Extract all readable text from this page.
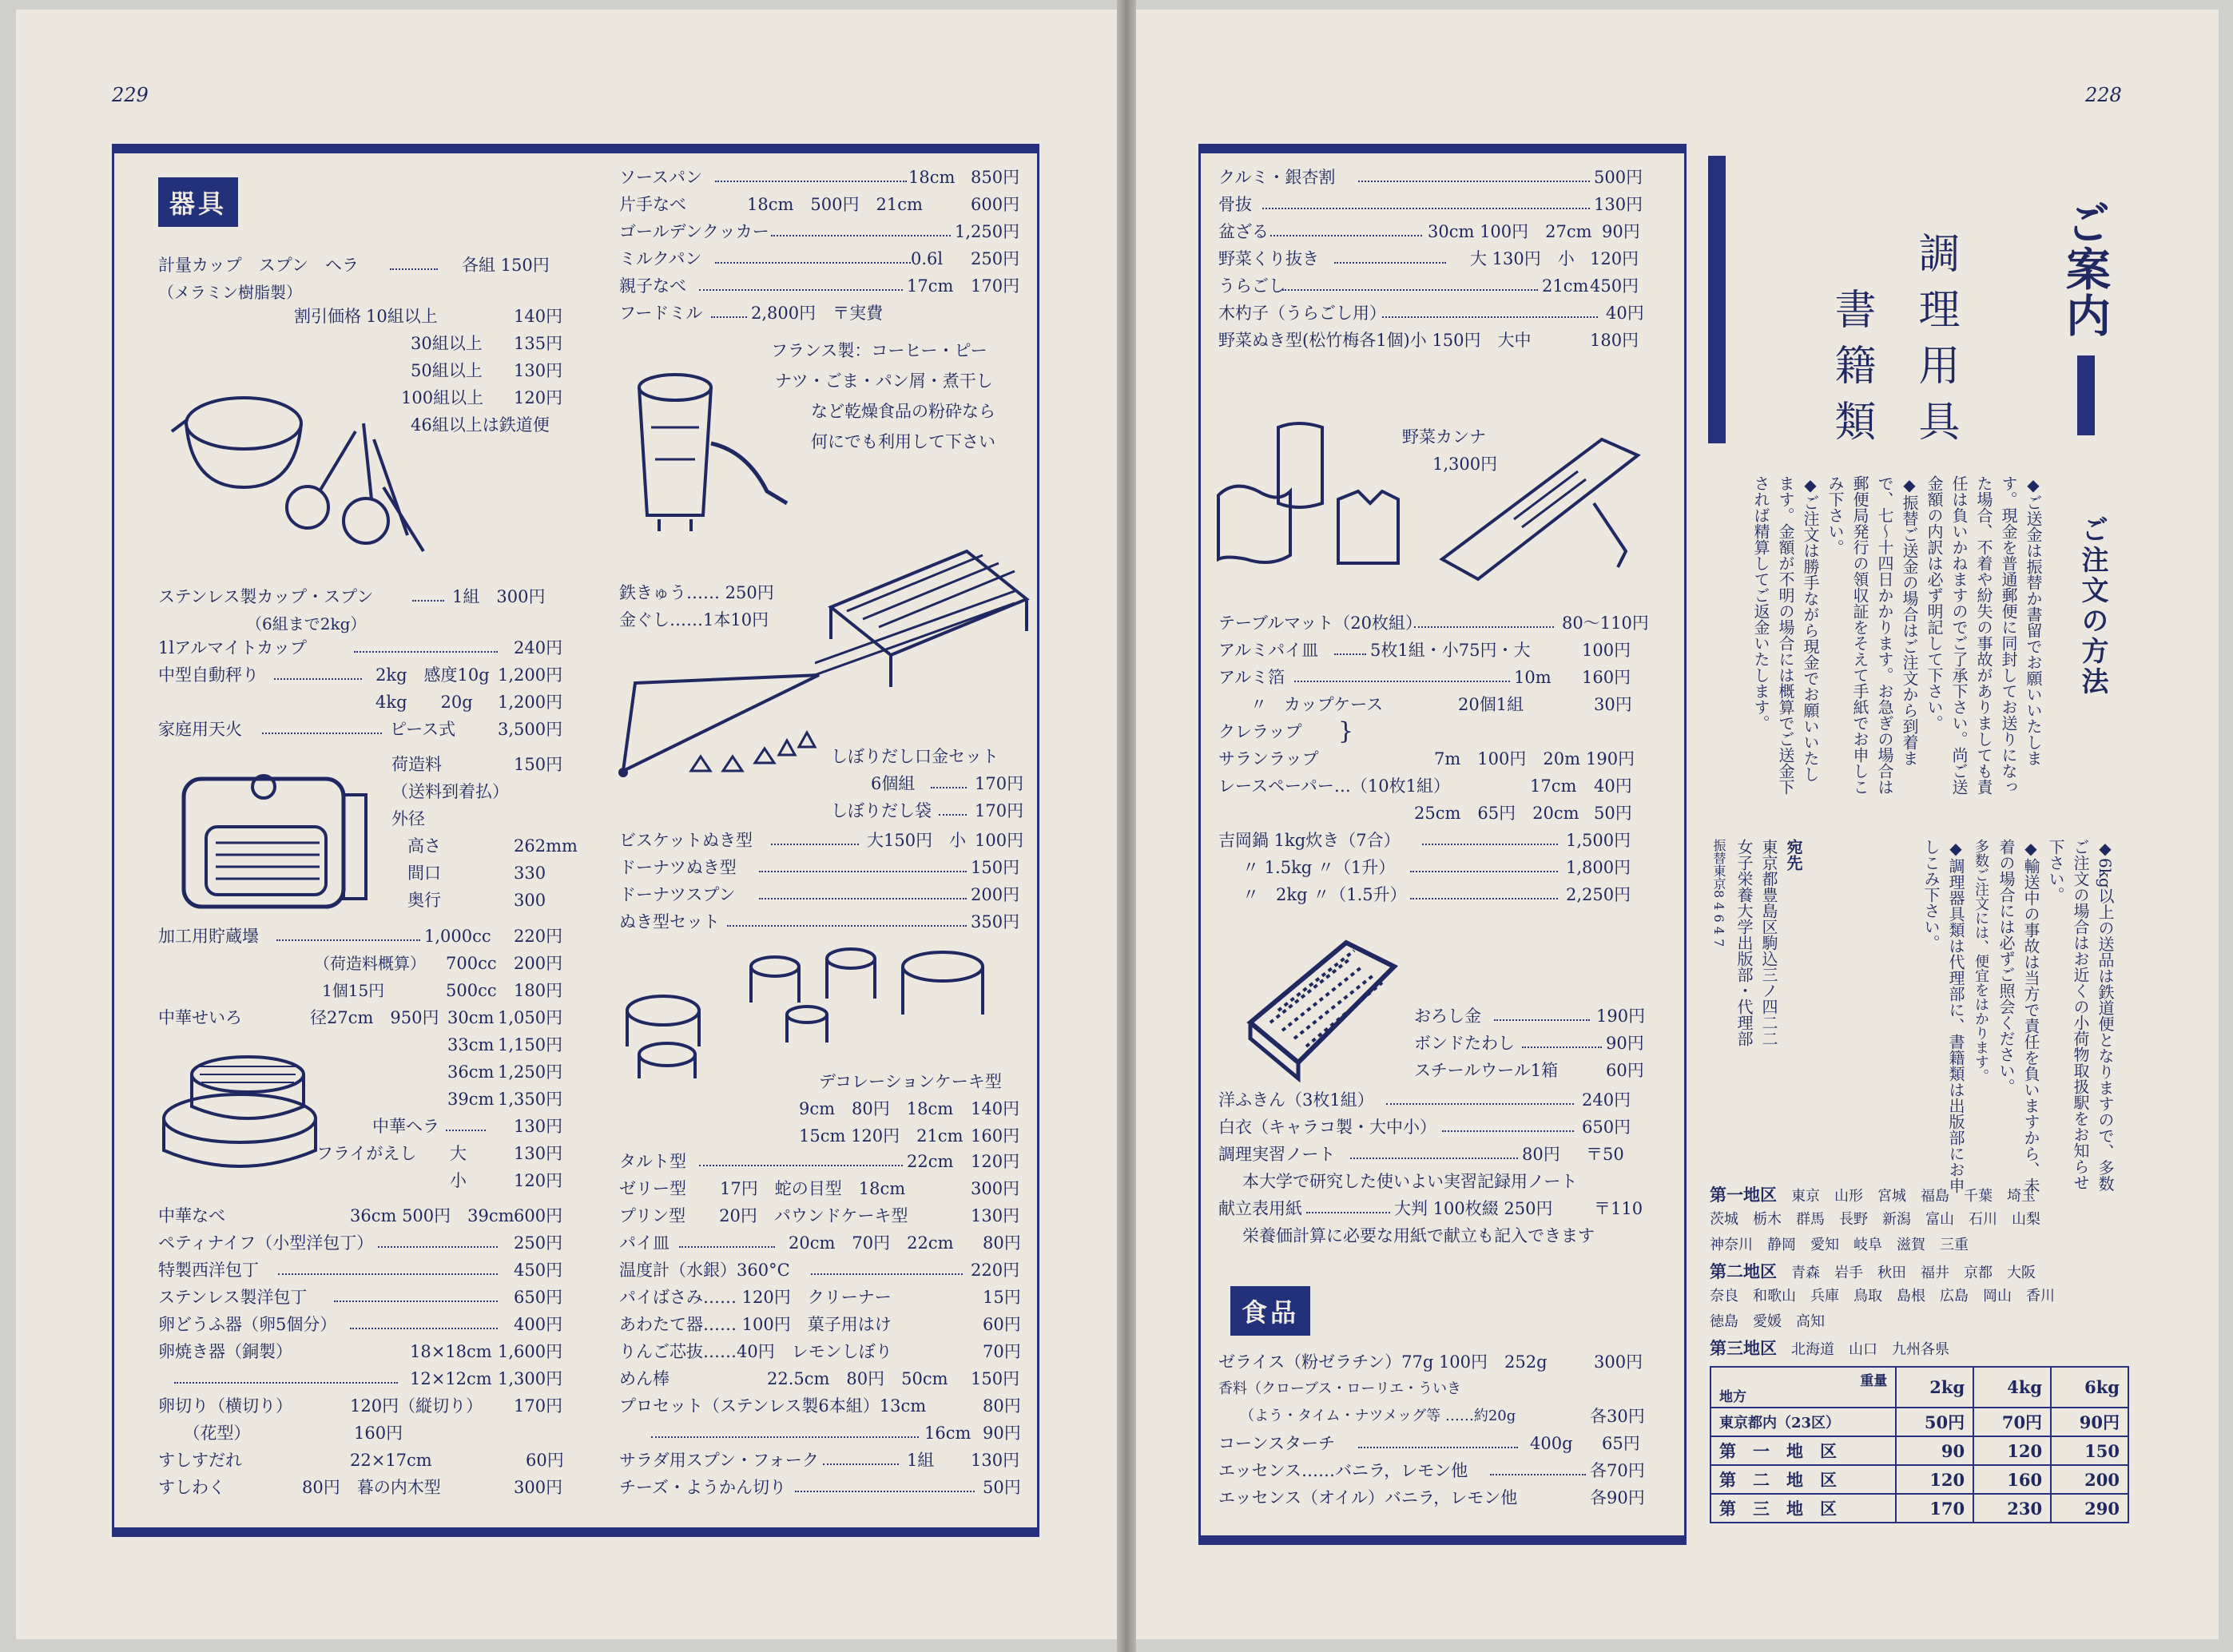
229	228
器具
計量カップ　スプン　ヘラ	各組 150円
（メラミン樹脂製）
割引価格 10組以上	140円
30組以上 135円
50組以上 130円
100組以上 120円
46組以上は鉄道便
ステンレス製カップ・スプン	1組　300円
（6組まで2kg）
1lアルマイトカップ	240円
中型自動秤り	2kg　感度10g 1,200円
4kg　　20g 1,200円
家庭用天火	ピース式	3,500円
荷造料	150円
（送料到着払）
外径
高さ	262mm
間口	330
奥行	300
加工用貯蔵壜	1,000cc 220円
（荷造料概算） 700cc 200円
1個15円	500cc 180円
中華せいろ	径27cm　950円 30cm 1,050円
33cm 1,150円
36cm 1,250円
39cm 1,350円
中華ヘラ	130円
フライがえし 大	130円
小	120円
中華なべ	36cm 500円　39cm 600円
ペティナイフ（小型洋包丁）	250円
特製西洋包丁	450円
ステンレス製洋包丁	650円
卵どうふ器（卵5個分）	400円
卵焼き器（銅製）	18×18cm 1,600円
12×12cm 1,300円
卵切り（横切り）	120円（縦切り） 170円
　　（花型）	160円
すしすだれ	22×17cm	60円
すしわく	80円　暮の内木型	300円
ソースパン	18cm 850円
片手なべ	18cm　500円　21cm	600円
ゴールデンクッカー	1,250円
ミルクパン	0.6l 250円
親子なべ	17cm 170円
フードミル	2,800円　〒実費
フランス製：コーヒー・ピー
ナツ・ごま・パン屑・煮干し
など乾燥食品の粉砕なら
何にでも利用して下さい
鉄きゅう…… 250円
金ぐし……1本10円
しぼりだし口金セット
6個組	170円
しぼりだし袋	170円
ビスケットぬき型	大150円　小 100円
ドーナツぬき型	150円
ドーナツスプン	200円
ぬき型セット	350円
デコレーションケーキ型
9cm　80円　18cm 140円
15cm 120円　21cm 160円
タルト型	22cm 120円
ゼリー型　　17円　蛇の目型　18cm	300円
プリン型　　20円　パウンドケーキ型	130円
パイ皿	20cm　70円　22cm 80円
温度計（水銀）360°C	220円
パイばさみ…… 120円　クリーナー	15円
あわたて器…… 100円　菓子用はけ	60円
りんご芯抜……40円　レモンしぼり	70円
めん棒	22.5cm　80円　50cm 150円
プロセット（ステンレス製6本組）13cm	80円
16cm 90円
サラダ用スプン・フォーク	1組 130円
チーズ・ようかん切り	50円
クルミ・銀杏割	500円
骨抜	130円
盆ざる	30cm 100円　27cm 90円
野菜くり抜き	大 130円　小 120円
うらごし	21cm 450円
木杓子（うらごし用）	40円
野菜ぬき型(松竹梅各1個)小 150円　大中	180円
野菜カンナ
1,300円
テーブルマット（20枚組）	80〜110円
アルミパイ皿	5枚1組・小75円・大	100円
アルミ箔	10m 160円
〃　カップケース	20個1組	30円
クレラップ }
サランラップ	7m　100円　20m 190円
レースペーパー…（10枚1組）	17cm 40円
25cm　65円　20cm 50円
吉岡鍋 1kg炊き（7合）	1,500円
〃 1.5kg 〃（1升）	1,800円
〃　2kg 〃（1.5升）	2,250円
おろし金	190円
ボンドたわし	90円
スチールウール1箱	60円
洋ふきん（3枚1組）	240円
白衣（キャラコ製・大中小）	650円
調理実習ノート	80円 〒50
本大学で研究した使いよい実習記録用ノート
献立表用紙	大判 100枚綴 250円 〒110
栄養価計算に必要な用紙で献立も記入できます
食品
ゼライス（粉ゼラチン）77g 100円　252g	300円
香料（クローブス・ローリエ・ういき
　　（よう・タイム・ナツメッグ等 ……約20g	各30円
コーンスターチ	400g 65円
エッセンス……バニラ，レモン他	各70円
エッセンス（オイル）バニラ，レモン他	各90円
ご案内
調理用具
書籍類
ご注文の方法
◆ご送金は振替か書留でお願いいたします。現金を普通郵便に同封してお送りになった場合、不着や紛失の事故がありましても責任は負いかねますのでご了承下さい。尚ご送金額の内訳は必ず明記して下さい。
◆振替ご送金の場合はご注文から到着まで、七〜十四日かかります。お急ぎの場合は郵便局発行の領収証をそえて手紙でお申しこみ下さい。
◆ご注文は勝手ながら現金でお願いいたします。金額が不明の場合には概算でご送金下されば精算してご返金いたします。
◆6kg以上の送品は鉄道便となりますので、多数ご注文の場合はお近くの小荷物取扱駅をお知らせ下さい。
◆輸送中の事故は当方で責任を負いますから、未着の場合には必ずご照会ください。
多数ご注文には、便宜をはかります。
◆調理器具類は代理部に、書籍類は出版部にお申しこみ下さい。
宛先
東京都豊島区駒込三ノ四二二
女子栄養大学出版部・代理部
振替東京8 4 6 4 7
第一地区 東京　山形　宮城　福島　千葉　埼玉
茨城　栃木　群馬　長野　新潟　富山　石川　山梨
神奈川　静岡　愛知　岐阜　滋賀　三重
第二地区 青森　岩手　秋田　福井　京都　大阪
奈良　和歌山　兵庫　鳥取　島根　広島　岡山　香川
徳島　愛媛　高知
第三地区 北海道　山口　九州各県
重量

地方	2kg	4kg	6kg
東京都内（23区）	50円	70円	90円
第　一　地　区	90	120	150
第　二　地　区	120	160	200
第　三　地　区	170	230	290
